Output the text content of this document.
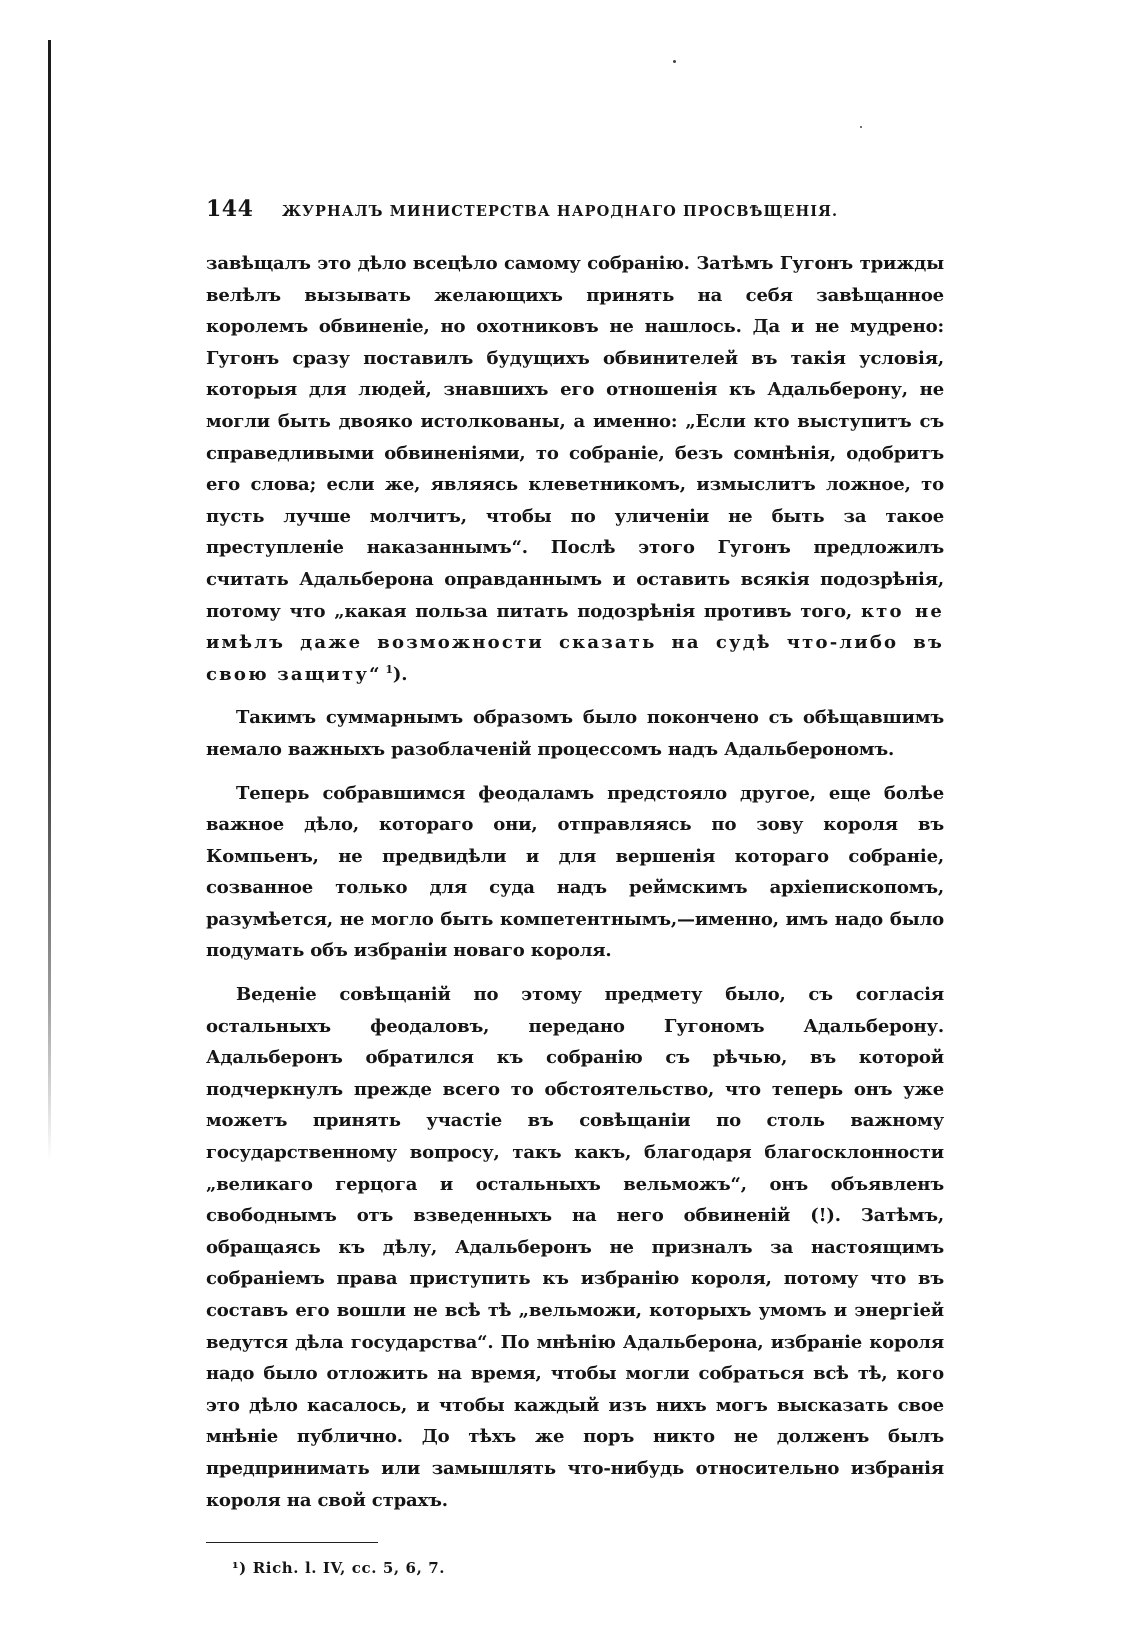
144	ЖУРНАЛЪ МИНИСТЕРСТВА НАРОДНАГО ПРОСВѢЩЕНІЯ.

завѣщалъ это дѣло всецѣло самому собранію. Затѣмъ Гугонъ трижды велѣлъ вызывать желающихъ принять на себя завѣщанное королемъ обвиненіе, но охотниковъ не нашлось. Да и не мудрено: Гугонъ сразу поставилъ будущихъ обвинителей въ такія условія, которыя для людей, знавшихъ его отношенія къ Адальберону, не могли быть двояко истолкованы, а именно: „Если кто выступитъ съ справедливыми обвиненіями, то собраніе, безъ сомнѣнія, одобритъ его слова; если же, являясь клеветникомъ, измыслитъ ложное, то пусть лучше молчитъ, чтобы по уличеніи не быть за такое преступленіе наказаннымъ“. Послѣ этого Гугонъ предложилъ считать Адальберона оправданнымъ и оставить всякія подозрѣнія, потому что „какая польза питать подозрѣнія противъ того, кто не имѣлъ даже возможности сказать на судѣ что-либо въ свою защиту“ $^1$).

Такимъ суммарнымъ образомъ было покончено съ обѣщавшимъ немало важныхъ разоблаченій процессомъ надъ Адальберономъ.

Теперь собравшимся феодаламъ предстояло другое, еще болѣе важное дѣло, котораго они, отправляясь по зову короля въ Компьенъ, не предвидѣли и для вершенія котораго собраніе, созванное только для суда надъ реймскимъ архіепископомъ, разумѣется, не могло быть компетентнымъ,—именно, имъ надо было подумать объ избраніи новаго короля.

Веденіе совѣщаній по этому предмету было, съ согласія остальныхъ феодаловъ, передано Гугономъ Адальберону. Адальберонъ обратился къ собранію съ рѣчью, въ которой подчеркнулъ прежде всего то обстоятельство, что теперь онъ уже можетъ принять участіе въ совѣщаніи по столь важному государственному вопросу, такъ какъ, благодаря благосклонности „великаго герцога и остальныхъ вельможъ“, онъ объявленъ свободнымъ отъ взведенныхъ на него обвиненій (!). Затѣмъ, обращаясь къ дѣлу, Адальберонъ не призналъ за настоящимъ собраніемъ права приступить къ избранію короля, потому что въ составъ его вошли не всѣ тѣ „вельможи, которыхъ умомъ и энергіей ведутся дѣла государства“. По мнѣнію Адальберона, избраніе короля надо было отложить на время, чтобы могли собраться всѣ тѣ, кого это дѣло касалось, и чтобы каждый изъ нихъ могъ высказать свое мнѣніе публично. До тѣхъ же поръ никто не долженъ былъ предпринимать или замышлять что-нибудь относительно избранія короля на свой страхъ.

¹) Rich. l. IV, cc. 5, 6, 7.
